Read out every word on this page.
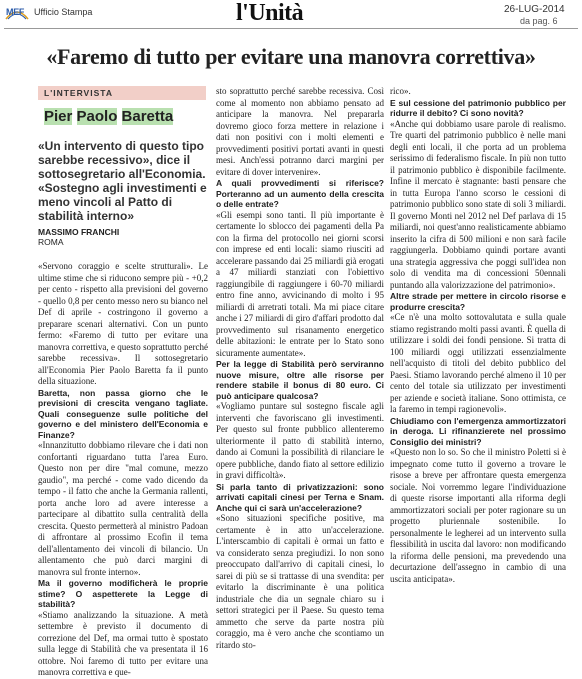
MEF Ufficio Stampa	l'Unità	26-LUG-2014
da pag. 6
«Faremo di tutto per evitare una manovra correttiva»
L'INTERVISTA
Pier Paolo Baretta
«Un intervento di questo tipo sarebbe recessivo», dice il sottosegretario all'Economia. «Sostegno agli investimenti e meno vincoli al Patto di stabilità interno»
MASSIMO FRANCHI
ROMA

«Servono coraggio e scelte strutturali». Le ultime stime che si riducono sempre più - +0,2 per cento - rispetto alla previsioni del governo - quello 0,8 per cento messo nero su bianco nel Def di aprile - costringono il governo a preparare scenari alternativi. Con un punto fermo: «Faremo di tutto per evitare una manovra correttiva, e questo soprattutto perché sarebbe recessiva». Il sottosegretario all'Economia Pier Paolo Baretta fa il punto della situazione.

Baretta, non passa giorno che le previsioni di crescita vengano tagliate. Quali conseguenze sulle politiche del governo e del ministero dell'Economia e Finanze?

«Innanzitutto dobbiamo rilevare che i dati non confortanti riguardano tutta l'area Euro. Questo non per dire "mal comune, mezzo gaudio", ma perché - come vado dicendo da tempo - il fatto che anche la Germania rallenti, porta anche loro ad avere interesse a partecipare al dibattito sulla centralità della crescita. Questo permetterà al ministro Padoan di affrontare al prossimo Ecofin il tema dell'allentamento dei vincoli di bilancio. Un allentamento che può darci margini di manovra sul fronte interno».

Ma il governo modificherà le proprie stime? O aspetterete la Legge di stabilità?

«Stiamo analizzando la situazione. A metà settembre è previsto il documento di correzione del Def, ma ormai tutto è spostato sulla legge di Stabilità che va presentata il 16 ottobre. Noi faremo di tutto per evitare una manovra correttiva e que-

sto soprattutto perché sarebbe recessiva. Così come al momento non abbiamo pensato ad anticipare la manovra. Nel prepararla dovremo gioco forza mettere in relazione i dati non positivi con i molti elementi e provvedimenti positivi portati avanti in questi mesi. Anch'essi potranno darci margini per evitare di dover intervenire».

A quali provvedimenti si riferisce? Porteranno ad un aumento della crescita o delle entrate?

«Gli esempi sono tanti. Il più importante è certamente lo sblocco dei pagamenti della Pa con la firma del protocollo nei giorni scorsi con imprese ed enti locali: siamo riusciti ad accelerare passando dai 25 miliardi già erogati a 47 miliardi stanziati con l'obiettivo raggiungibile di raggiungere i 60-70 miliardi entro fine anno, avvicinando di molto i 95 miliardi di arretrati totali. Ma mi piace citare anche i 27 miliardi di giro d'affari prodotto dal provvedimento sul risanamento energetico delle abitazioni: le entrate per lo Stato sono sicuramente aumentate».

Per la legge di Stabilità però serviranno nuove misure, oltre alle risorse per rendere stabile il bonus di 80 euro. Ci può anticipare qualcosa?

«Vogliamo puntare sul sostegno fiscale agli interventi che favoriscano gli investimenti. Per questo sul fronte pubblico allenteremo ulteriormente il patto di stabilità interno, dando ai Comuni la possibilità di rilanciare le opere pubbliche, dando fiato al settore edilizio in gravi difficoltà».

Si parla tanto di privatizzazioni: sono arrivati capitali cinesi per Terna e Snam. Anche qui ci sarà un'accelerazione?

«Sono situazioni specifiche positive, ma certamente è in atto un'accelerazione. L'interscambio di capitali è ormai un fatto e va considerato senza pregiudizi. Io non sono preoccupato dall'arrivo di capitali cinesi, lo sarei di più se si trattasse di una svendita: per evitarlo la discriminante è una politica industriale che dia un segnale chiaro su i settori strategici per il Paese. Su questo tema ammetto che serve da parte nostra più coraggio, ma è vero anche che scontiamo un ritardo sto-

rico».

E sul cessione del patrimonio pubblico per ridurre il debito? Ci sono novità?

«Anche qui dobbiamo usare parole di realismo. Tre quarti del patrimonio pubblico è nelle mani degli enti locali, il che porta ad un problema serissimo di federalismo fiscale. In più non tutto il patrimonio pubblico è disponibile facilmente. Infine il mercato è stagnante: basti pensare che in tutta Europa l'anno scorso le cessioni di patrimonio pubblico sono state di soli 3 miliardi. Il governo Monti nel 2012 nel Def parlava di 15 miliardi, noi quest'anno realisticamente abbiamo inserito la cifra di 500 milioni e non sarà facile raggiungerla. Dobbiamo quindi portare avanti una strategia aggressiva che poggi sull'idea non solo di vendita ma di concessioni 50ennali puntando alla valorizzazione del patrimonio».

Altre strade per mettere in circolo risorse e produrre crescita?

«Ce n'è una molto sottovalutata e sulla quale stiamo registrando molti passi avanti. È quella di utilizzare i soldi dei fondi pensione. Si tratta di 100 miliardi oggi utilizzati essenzialmente nell'acquisto di titoli del debito pubblico del Paesi. Stiamo lavorando perché almeno il 10 per cento del totale sia utilizzato per investimenti per aziende e società italiane. Sono ottimista, ce la faremo in tempi ragionevoli».

Chiudiamo con l'emergenza ammortizzatori in deroga. Li rifinanzierete nel prossimo Consiglio dei ministri?

«Questo non lo so. So che il ministro Poletti si è impegnato come tutto il governo a trovare le risose a breve per affrontare questa emergenza sociale. Noi vorremmo legare l'individuazione di queste risorse importanti alla riforma degli ammortizzatori sociali per poter ragionare su un progetto pluriennale sostenibile. Io personalmente le legherei ad un intervento sulla flessibilità in uscita dal lavoro: non modificando la riforma delle pensioni, ma prevedendo una decurtazione dell'assegno in cambio di una uscita anticipata».
